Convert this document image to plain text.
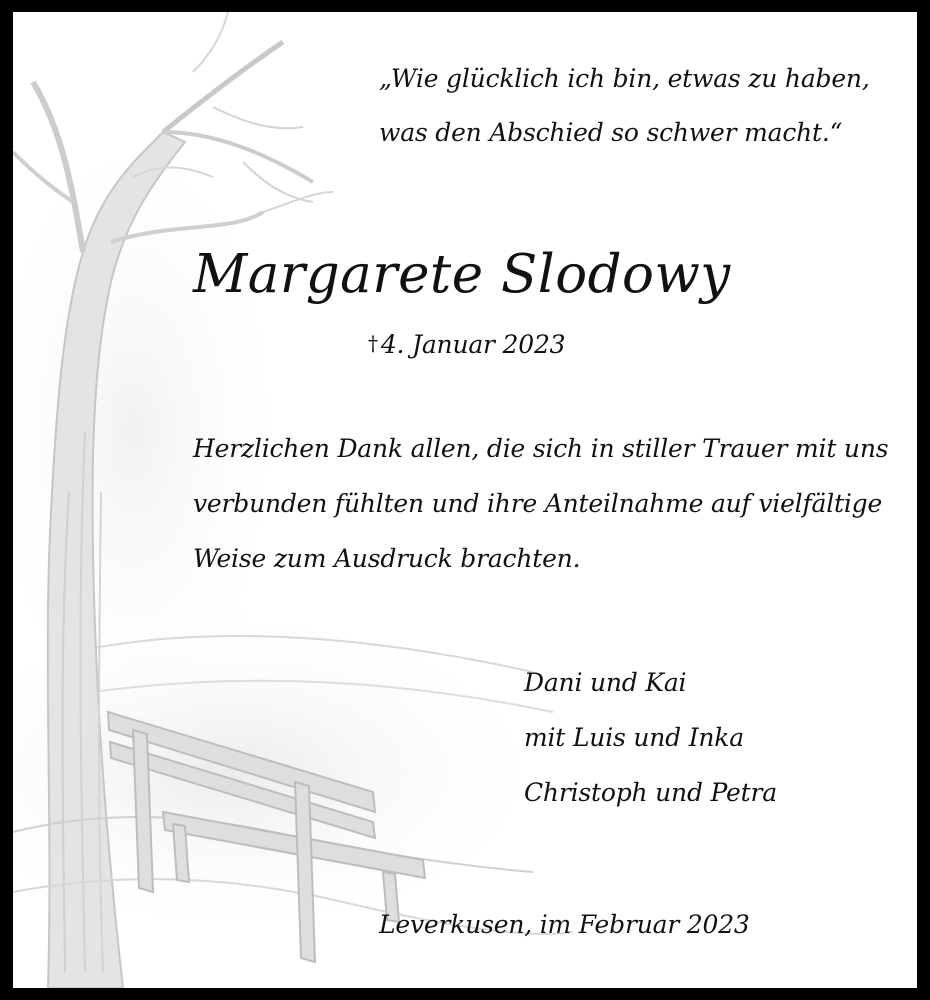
„Wie glücklich ich bin, etwas zu haben,
was den Abschied so schwer macht.“
Margarete Slodowy
† 4. Januar 2023
Herzlichen Dank allen, die sich in stiller Trauer mit uns
verbunden fühlten und ihre Anteilnahme auf vielfältige
Weise zum Ausdruck brachten.
Dani und Kai
mit Luis und Inka
Christoph und Petra
Leverkusen, im Februar 2023
